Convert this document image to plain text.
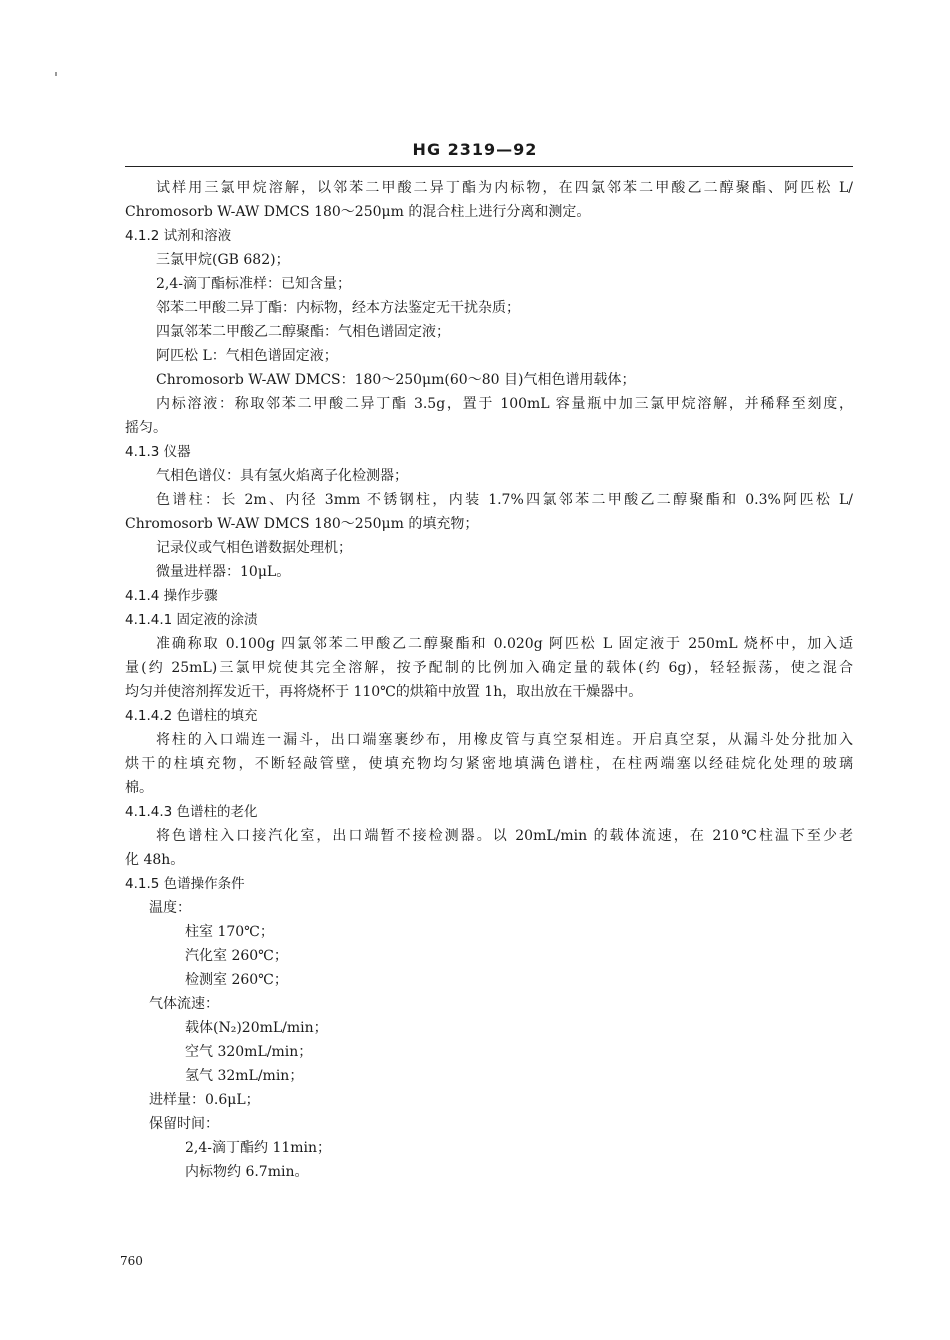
HG 2319—92
试样用三氯甲烷溶解，以邻苯二甲酸二异丁酯为内标物，在四氯邻苯二甲酸乙二醇聚酯、阿匹松 L/
Chromosorb W-AW DMCS 180～250μm 的混合柱上进行分离和测定。
4.1.2 试剂和溶液
三氯甲烷(GB 682)；
2,4-滴丁酯标准样：已知含量；
邻苯二甲酸二异丁酯：内标物，经本方法鉴定无干扰杂质；
四氯邻苯二甲酸乙二醇聚酯：气相色谱固定液；
阿匹松 L：气相色谱固定液；
Chromosorb W-AW DMCS：180～250μm(60～80 目)气相色谱用载体；
内标溶液：称取邻苯二甲酸二异丁酯 3.5g，置于 100mL 容量瓶中加三氯甲烷溶解，并稀释至刻度，
摇匀。
4.1.3 仪器
气相色谱仪：具有氢火焰离子化检测器；
色谱柱：长 2m、内径 3mm 不锈钢柱，内装 1.7%四氯邻苯二甲酸乙二醇聚酯和 0.3%阿匹松 L/
Chromosorb W-AW DMCS 180～250μm 的填充物；
记录仪或气相色谱数据处理机；
微量进样器：10μL。
4.1.4 操作步骤
4.1.4.1 固定液的涂渍
准确称取 0.100g 四氯邻苯二甲酸乙二醇聚酯和 0.020g 阿匹松 L 固定液于 250mL 烧杯中，加入适
量(约 25mL)三氯甲烷使其完全溶解，按予配制的比例加入确定量的载体(约 6g)，轻轻振荡，使之混合
均匀并使溶剂挥发近干，再将烧杯于 110℃的烘箱中放置 1h，取出放在干燥器中。
4.1.4.2 色谱柱的填充
将柱的入口端连一漏斗，出口端塞裹纱布，用橡皮管与真空泵相连。开启真空泵，从漏斗处分批加入
烘干的柱填充物，不断轻敲管壁，使填充物均匀紧密地填满色谱柱，在柱两端塞以经硅烷化处理的玻璃
棉。
4.1.4.3 色谱柱的老化
将色谱柱入口接汽化室，出口端暂不接检测器。以 20mL/min 的载体流速，在 210℃柱温下至少老
化 48h。
4.1.5 色谱操作条件
温度：
柱室 170℃；
汽化室 260℃；
检测室 260℃；
气体流速：
载体(N₂)20mL/min；
空气 320mL/min；
氢气 32mL/min；
进样量：0.6μL；
保留时间：
2,4-滴丁酯约 11min；
内标物约 6.7min。
760
